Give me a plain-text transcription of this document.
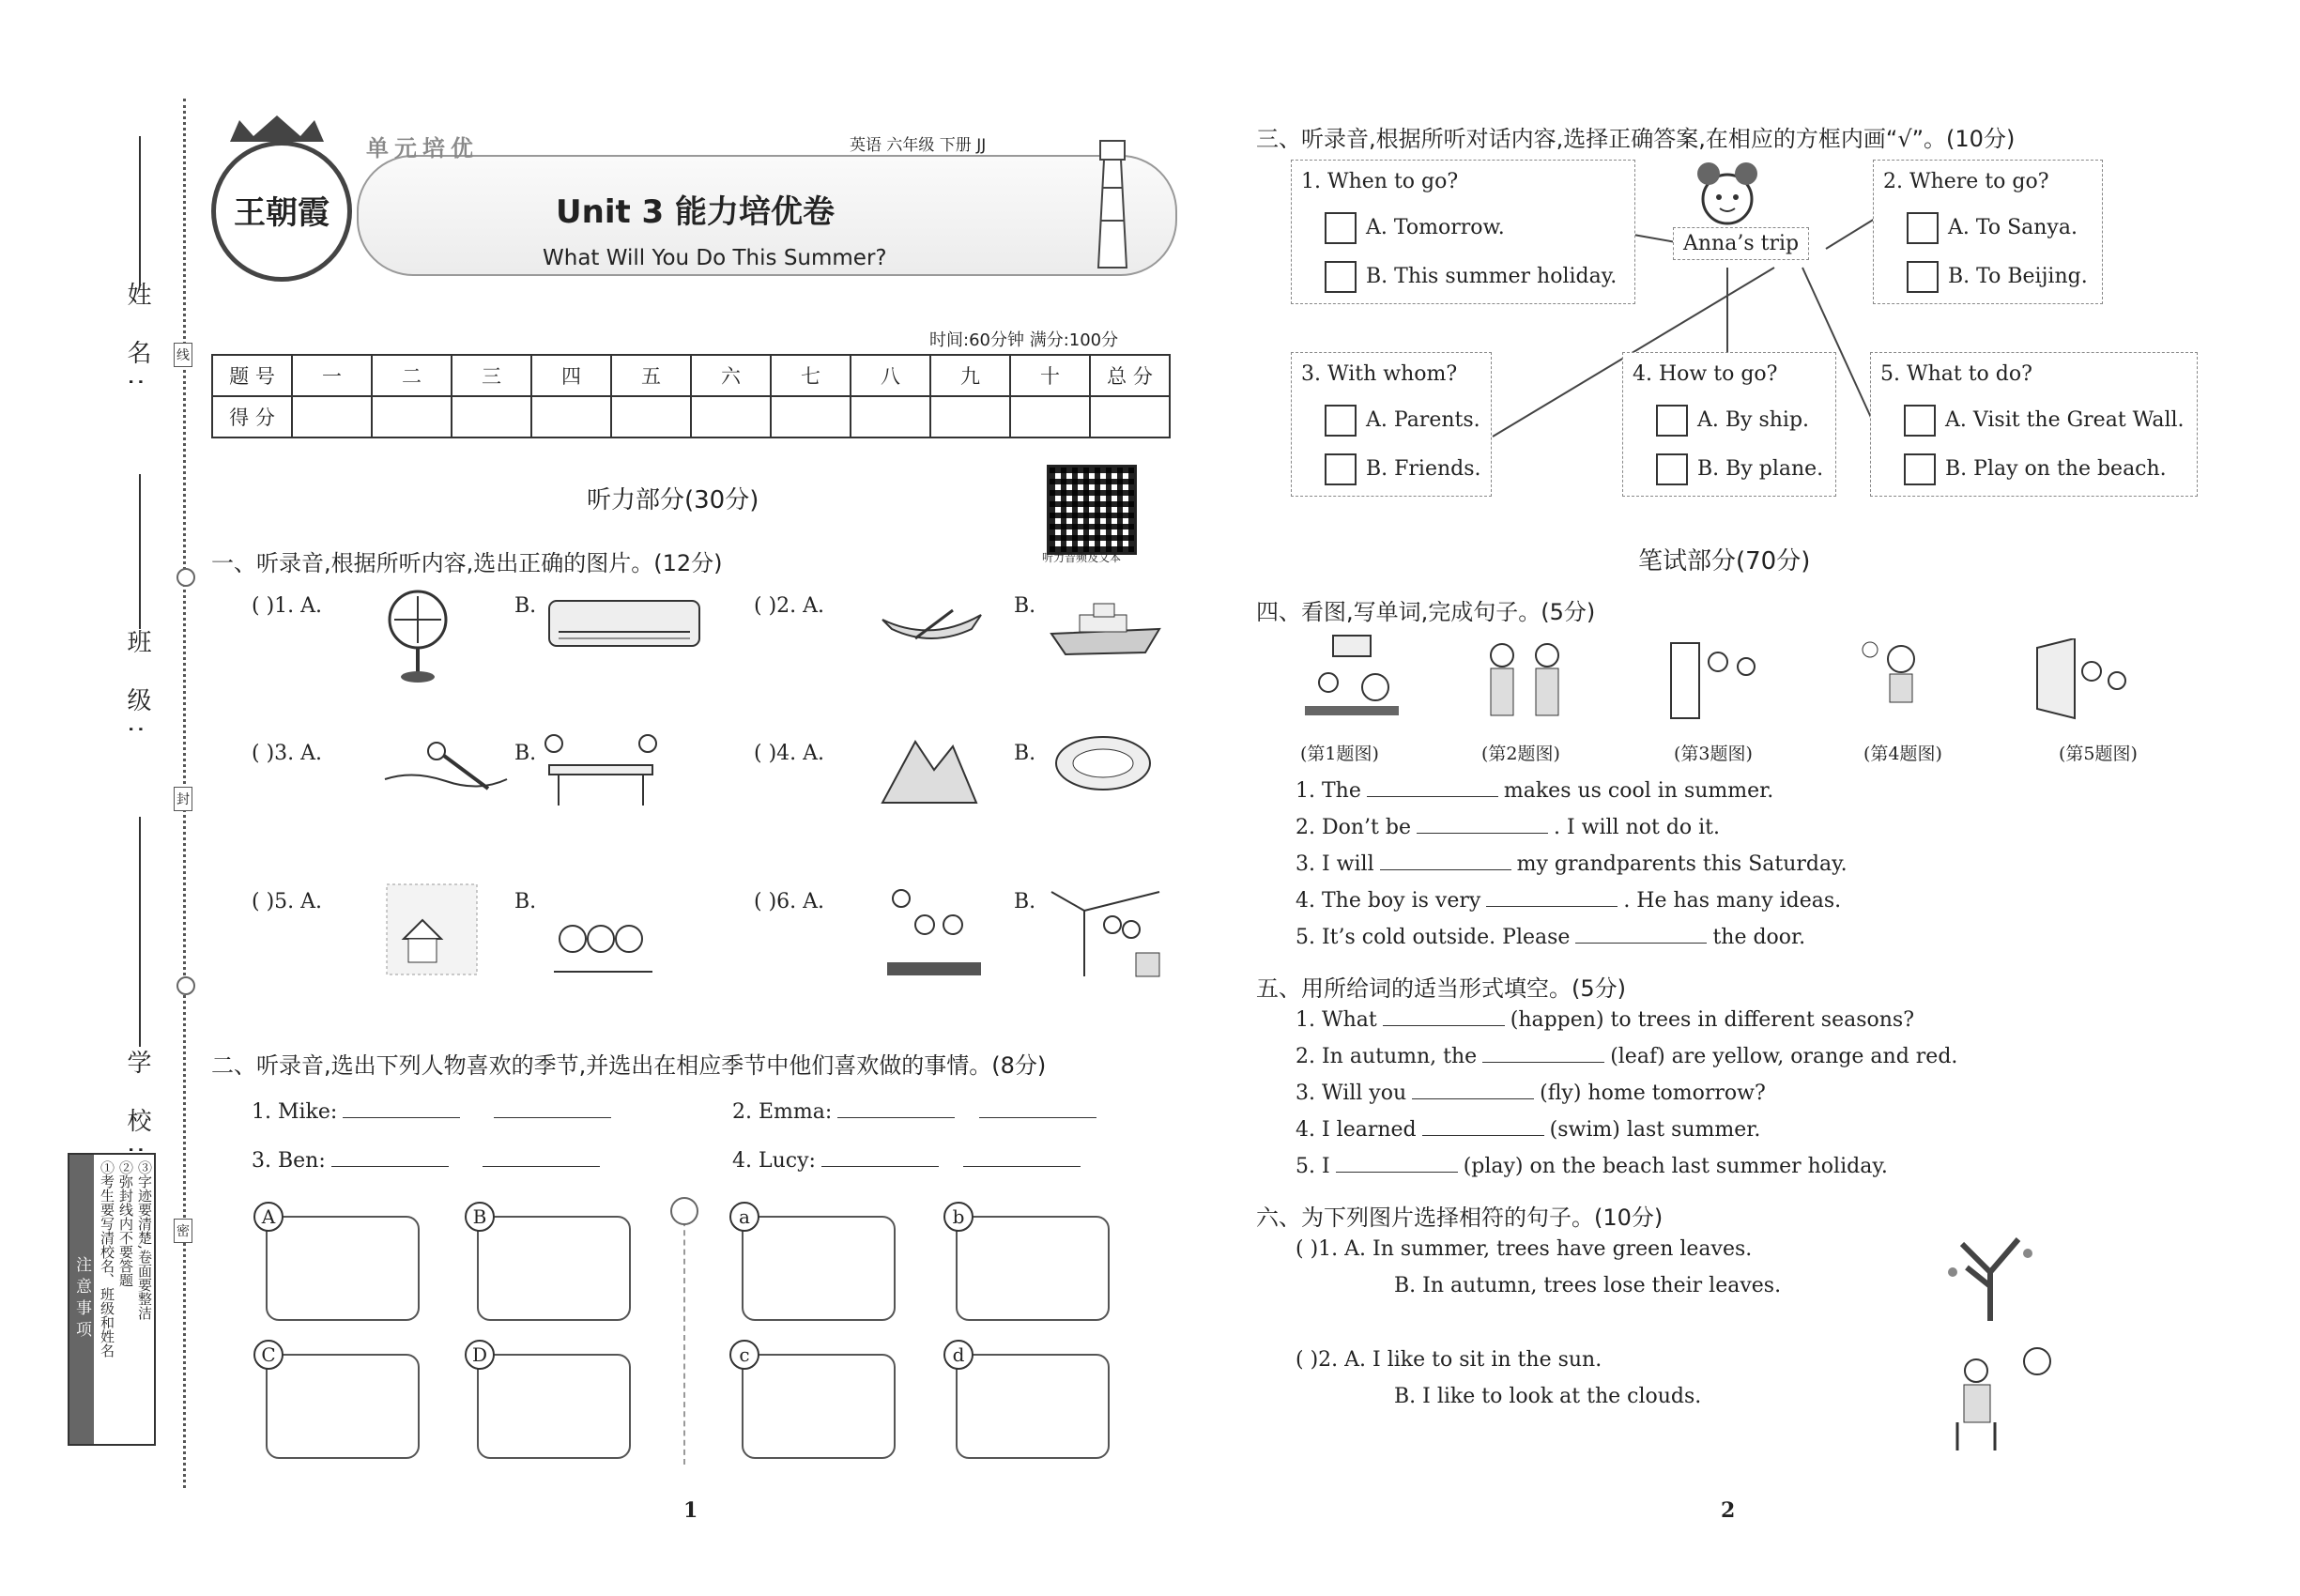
线
封
密
姓 名:
班 级:
学 校:
注意事项 ①考生要写清校名、班级和姓名 ②弥封线内不要答题 ③字迹要清楚,卷面要整洁
王朝霞
单元培优	英语 六年级 下册 JJ
Unit 3 能力培优卷
What Will You Do This Summer?
时间:60分钟 满分:100分
题 号	一	二	三	四	五	六	七	八	九	十	总 分
得 分											
听力部分(30分)
听力音频及文本
一、听录音,根据所听内容,选出正确的图片。(12分)
( )1. A.	B.	( )2. A.	B.
( )3. A.	B.	( )4. A.	B.
( )5. A.	B.	( )6. A.	B.
二、听录音,选出下列人物喜欢的季节,并选出在相应季节中他们喜欢做的事情。(8分)
1. Mike:	2. Emma:
3. Ben:	4. Lucy:
A	B
C	D
a	b
c	d
三、听录音,根据所听对话内容,选择正确答案,在相应的方框内画“√”。(10分)
1. When to go?
A. Tomorrow.
B. This summer holiday.
2. Where to go?
A. To Sanya.
B. To Beijing.
3. With whom?
A. Parents.
B. Friends.
4. How to go?
A. By ship.
B. By plane.
5. What to do?
A. Visit the Great Wall.
B. Play on the beach.
Anna’s trip
笔试部分(70分)
四、看图,写单词,完成句子。(5分)
(第1题图)	(第2题图)	(第3题图)	(第4题图)	(第5题图)
1. The	makes us cool in summer.
2. Don’t be	. I will not do it.
3. I will	my grandparents this Saturday.
4. The boy is very	. He has many ideas.
5. It’s cold outside. Please	the door.
五、用所给词的适当形式填空。(5分)
1. What	(happen) to trees in different seasons?
2. In autumn, the	(leaf) are yellow, orange and red.
3. Will you	(fly) home tomorrow?
4. I learned	(swim) last summer.
5. I	(play) on the beach last summer holiday.
六、为下列图片选择相符的句子。(10分)
( )1. A. In summer, trees have green leaves.
B. In autumn, trees lose their leaves.
( )2. A. I like to sit in the sun.
B. I like to look at the clouds.
1	2
